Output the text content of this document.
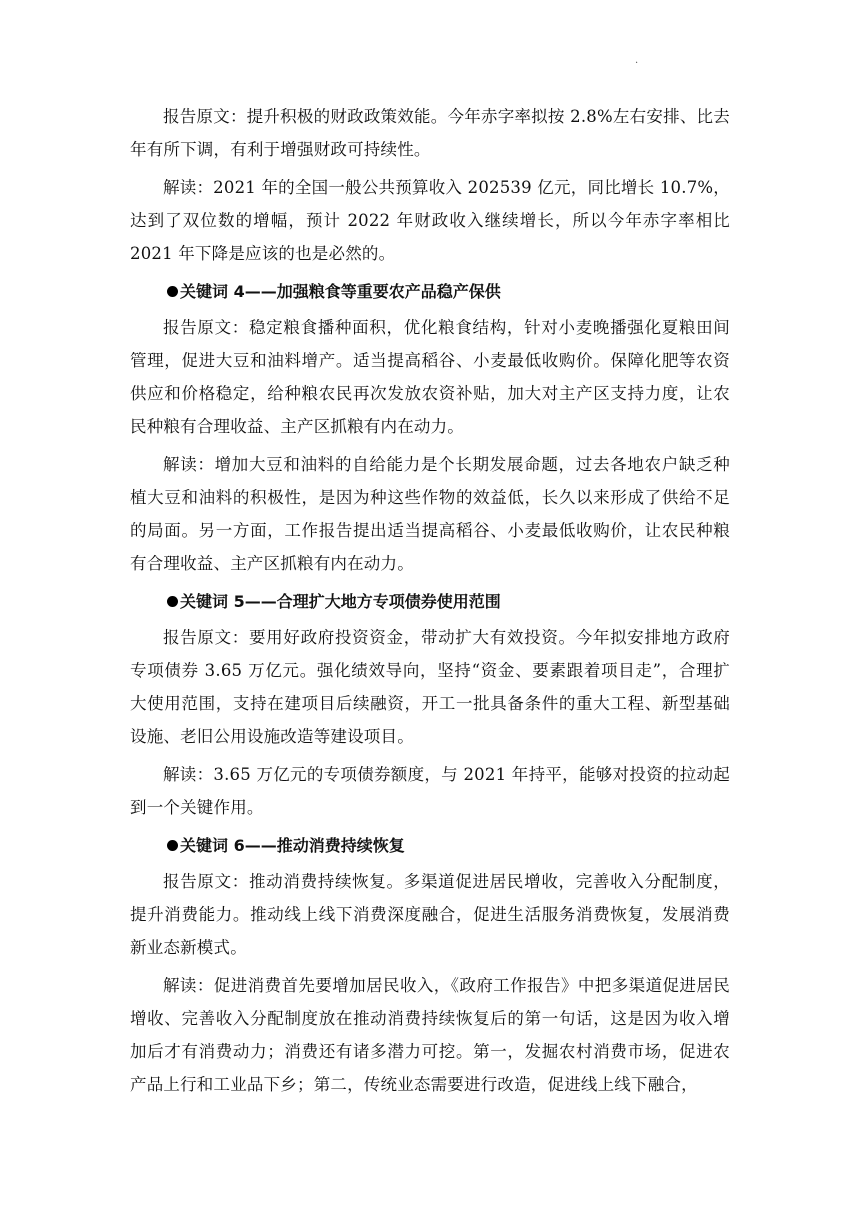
.

报告原文：提升积极的财政政策效能。今年赤字率拟按 2.8%左右安排、比去年有所下调，有利于增强财政可持续性。

解读：2021 年的全国一般公共预算收入 202539 亿元，同比增长 10.7%，达到了双位数的增幅，预计 2022 年财政收入继续增长，所以今年赤字率相比 2021 年下降是应该的也是必然的。

关键词 4——加强粮食等重要农产品稳产保供

报告原文：稳定粮食播种面积，优化粮食结构，针对小麦晚播强化夏粮田间管理，促进大豆和油料增产。适当提高稻谷、小麦最低收购价。保障化肥等农资供应和价格稳定，给种粮农民再次发放农资补贴，加大对主产区支持力度，让农民种粮有合理收益、主产区抓粮有内在动力。

解读：增加大豆和油料的自给能力是个长期发展命题，过去各地农户缺乏种植大豆和油料的积极性，是因为种这些作物的效益低，长久以来形成了供给不足的局面。另一方面，工作报告提出适当提高稻谷、小麦最低收购价，让农民种粮有合理收益、主产区抓粮有内在动力。

关键词 5——合理扩大地方专项债券使用范围

报告原文：要用好政府投资资金，带动扩大有效投资。今年拟安排地方政府专项债券 3.65 万亿元。强化绩效导向，坚持“资金、要素跟着项目走”，合理扩大使用范围，支持在建项目后续融资，开工一批具备条件的重大工程、新型基础设施、老旧公用设施改造等建设项目。

解读：3.65 万亿元的专项债券额度，与 2021 年持平，能够对投资的拉动起到一个关键作用。

关键词 6——推动消费持续恢复

报告原文：推动消费持续恢复。多渠道促进居民增收，完善收入分配制度，提升消费能力。推动线上线下消费深度融合，促进生活服务消费恢复，发展消费新业态新模式。

解读：促进消费首先要增加居民收入，《政府工作报告》中把多渠道促进居民增收、完善收入分配制度放在推动消费持续恢复后的第一句话，这是因为收入增加后才有消费动力；消费还有诸多潜力可挖。第一，发掘农村消费市场，促进农产品上行和工业品下乡；第二，传统业态需要进行改造，促进线上线下融合，
